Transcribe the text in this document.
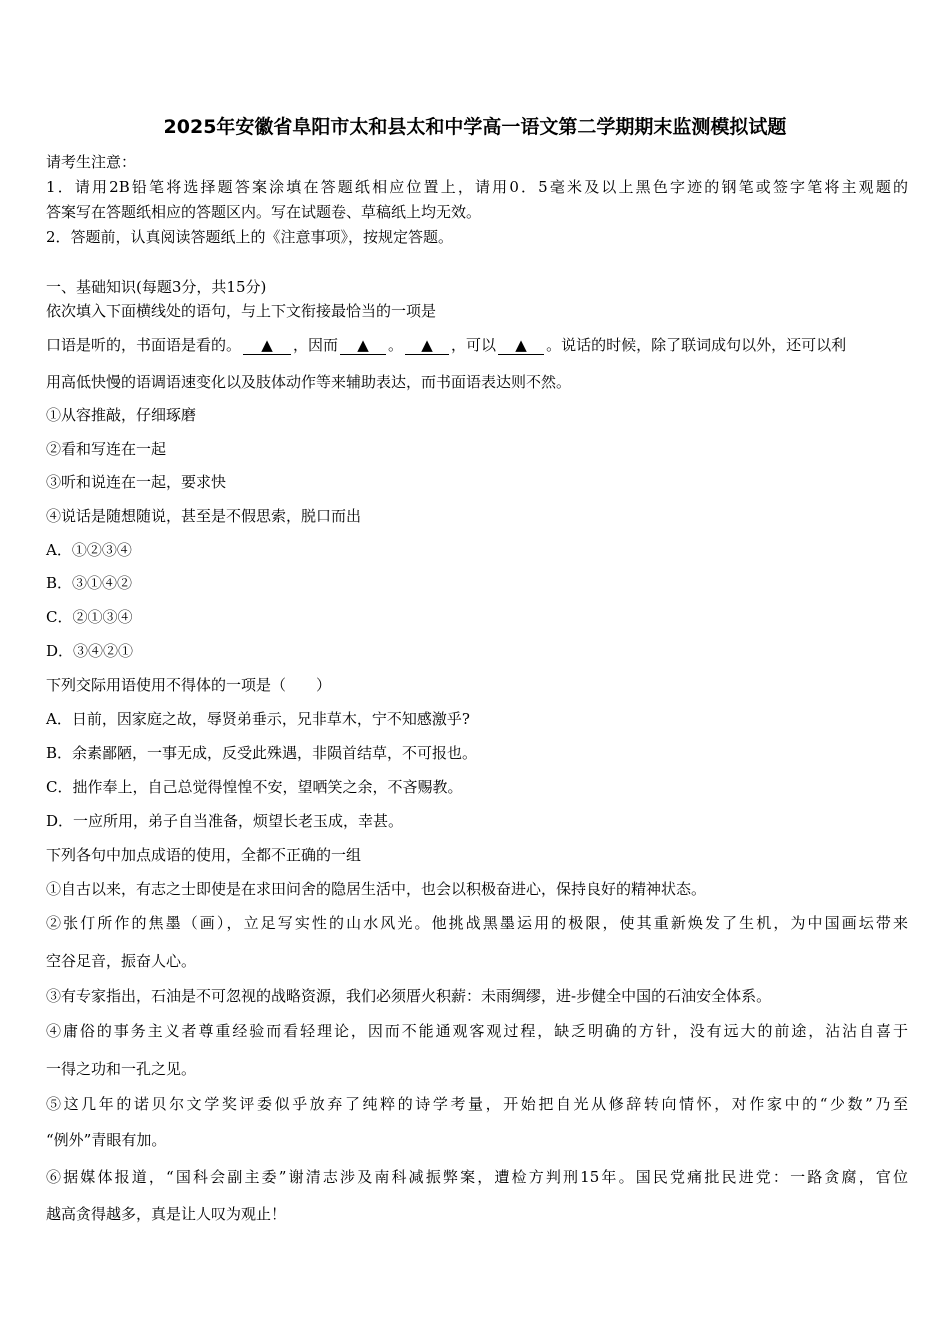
2025年安徽省阜阳市太和县太和中学高一语文第二学期期末监测模拟试题
请考生注意：
1．请用2B铅笔将选择题答案涂填在答题纸相应位置上，请用0．5毫米及以上黑色字迹的钢笔或签字笔将主观题的
答案写在答题纸相应的答题区内。写在试题卷、草稿纸上均无效。
2．答题前，认真阅读答题纸上的《注意事项》，按规定答题。
一、基础知识(每题3分，共15分)
依次填入下面横线处的语句，与上下文衔接最恰当的一项是
口语是听的，书面语是看的。 ▲ ，因而 ▲ 。 ▲ ，可以 ▲ 。说话的时候，除了联词成句以外，还可以利
用高低快慢的语调语速变化以及肢体动作等来辅助表达，而书面语表达则不然。
①从容推敲，仔细琢磨
②看和写连在一起
③听和说连在一起，要求快
④说话是随想随说，甚至是不假思索，脱口而出
A．①②③④
B．③①④②
C．②①③④
D．③④②①
下列交际用语使用不得体的一项是（　　）
A．日前，因家庭之故，辱贤弟垂示，兄非草木，宁不知感激乎?
B．余素鄙陋，一事无成，反受此殊遇，非陨首结草，不可报也。
C．拙作奉上，自己总觉得惶惶不安，望哂笑之余，不吝赐教。
D．一应所用，弟子自当准备，烦望长老玉成，幸甚。
下列各句中加点成语的使用，全都不正确的一组
①自古以来，有志之士即使是在求田问舍的隐居生活中，也会以积极奋进心，保持良好的精神状态。
②张仃所作的焦墨（画），立足写实性的山水风光。他挑战黑墨运用的极限，使其重新焕发了生机，为中国画坛带来
空谷足音，振奋人心。
③有专家指出，石油是不可忽视的战略资源，我们必须厝火积薪：未雨绸缪，进-步健全中国的石油安全体系。
④庸俗的事务主义者尊重经验而看轻理论，因而不能通观客观过程，缺乏明确的方针，没有远大的前途，沾沾自喜于
一得之功和一孔之见。
⑤这几年的诺贝尔文学奖评委似乎放弃了纯粹的诗学考量，开始把自光从修辞转向情怀，对作家中的“少数”乃至
“例外”青眼有加。
⑥据媒体报道，“国科会副主委”谢清志涉及南科减振弊案，遭检方判刑15年。国民党痛批民进党：一路贪腐，官位
越高贪得越多，真是让人叹为观止！
